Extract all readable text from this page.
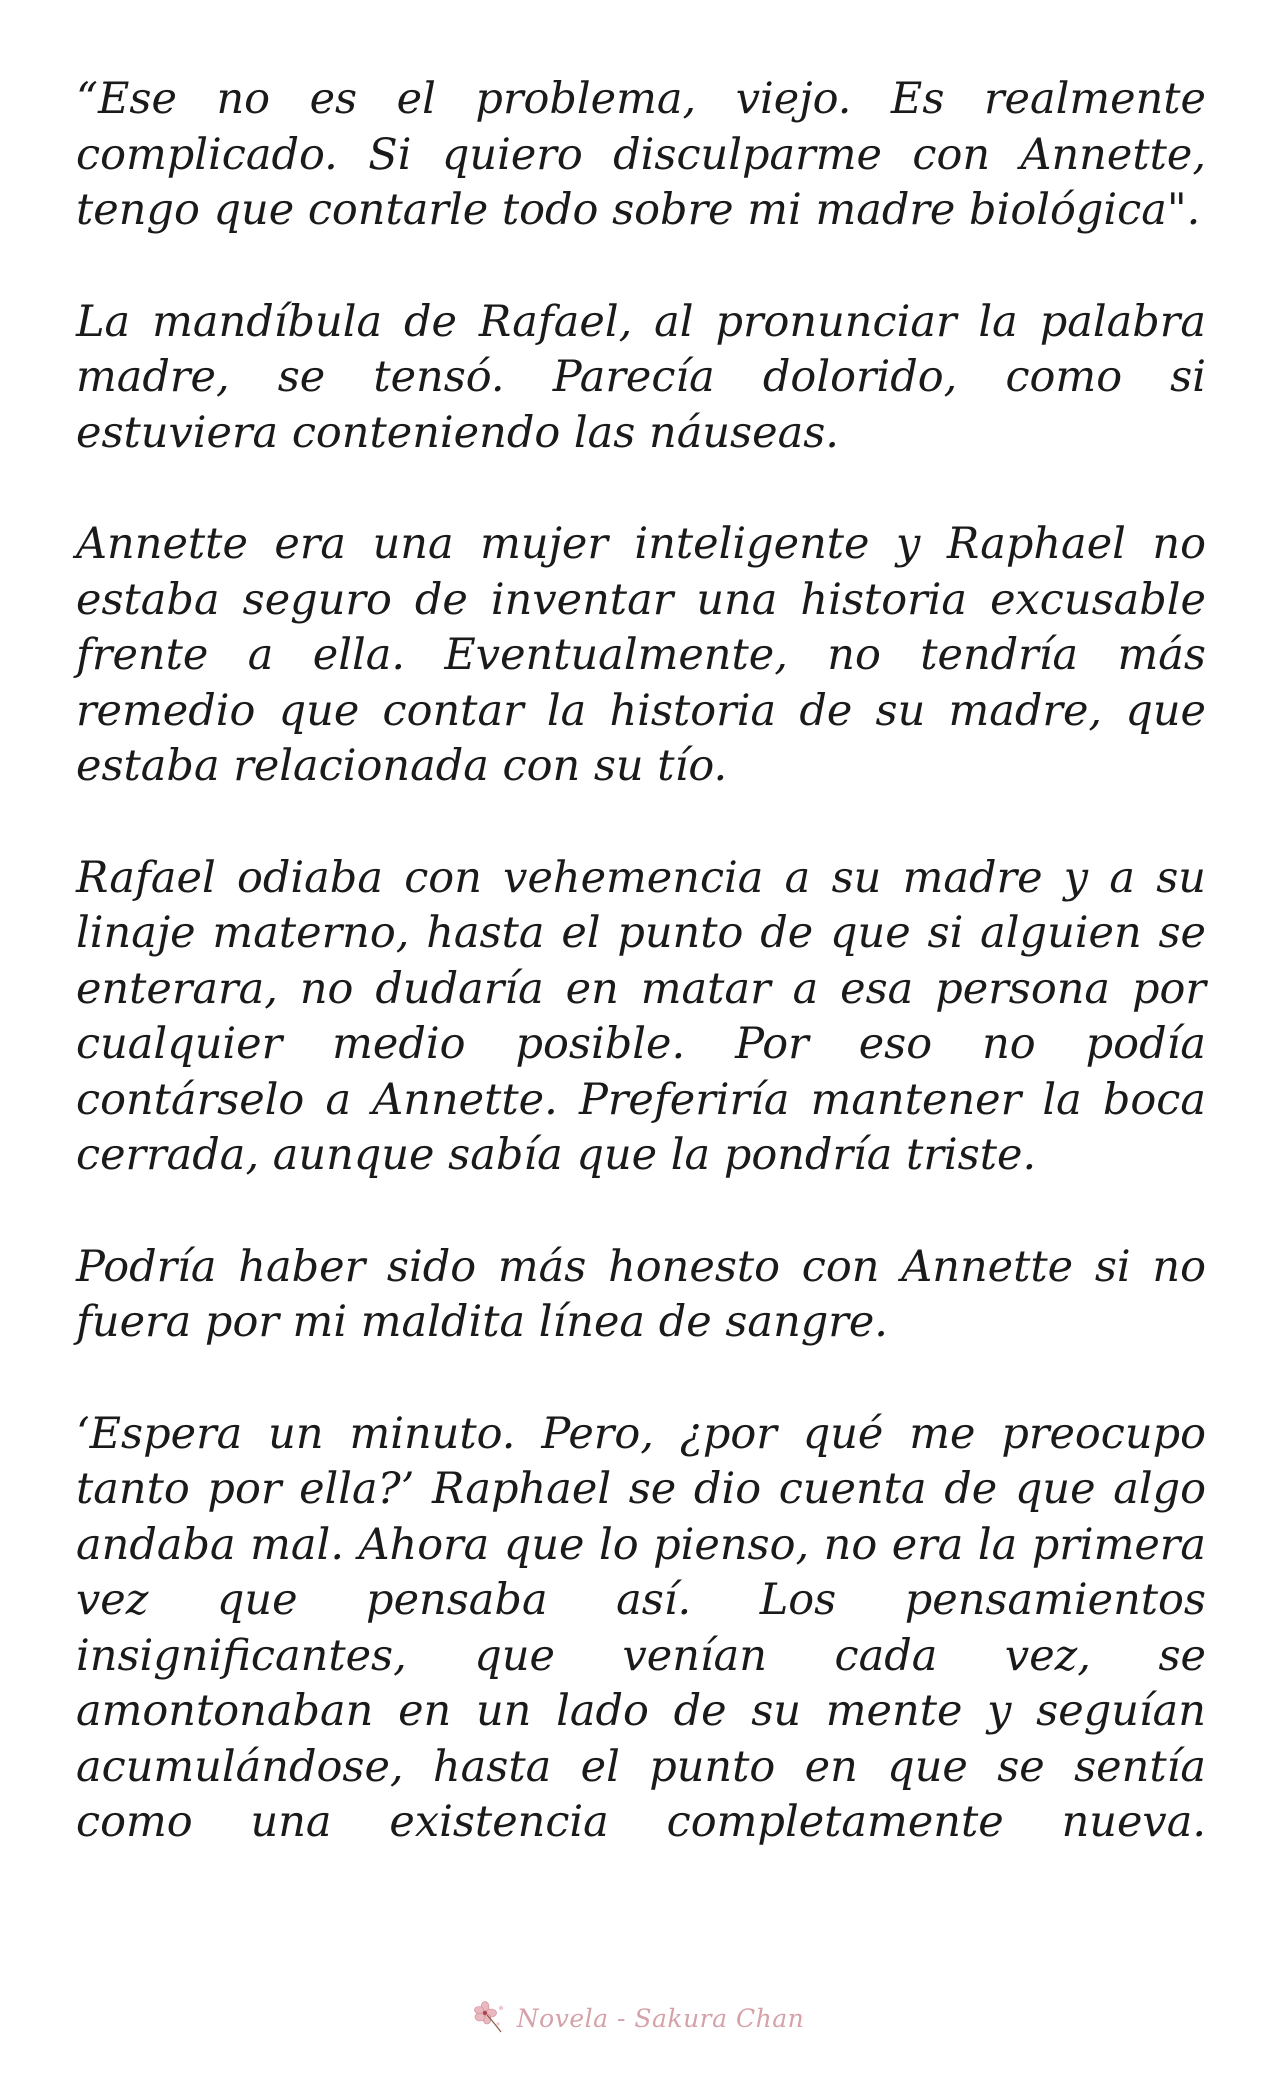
“Ese no es el problema, viejo. Es realmente complicado. Si quiero disculparme con Annette, tengo que contarle todo sobre mi madre biológica".

La mandíbula de Rafael, al pronunciar la palabra madre, se tensó. Parecía dolorido, como si estuviera conteniendo las náuseas.

Annette era una mujer inteligente y Raphael no estaba seguro de inventar una historia excusable frente a ella. Eventualmente, no tendría más remedio que contar la historia de su madre, que estaba relacionada con su tío.

Rafael odiaba con vehemencia a su madre y a su linaje materno, hasta el punto de que si alguien se enterara, no dudaría en matar a esa persona por cualquier medio posible. Por eso no podía contárselo a Annette. Preferiría mantener la boca cerrada, aunque sabía que la pondría triste.

Podría haber sido más honesto con Annette si no fuera por mi maldita línea de sangre.

‘Espera un minuto. Pero, ¿por qué me preocupo tanto por ella?’ Raphael se dio cuenta de que algo andaba mal. Ahora que lo pienso, no era la primera vez que pensaba así. Los pensamientos insignificantes, que venían cada vez, se amontonaban en un lado de su mente y seguían acumulándose, hasta el punto en que se sentía como una existencia completamente nueva.

Novela - Sakura Chan
